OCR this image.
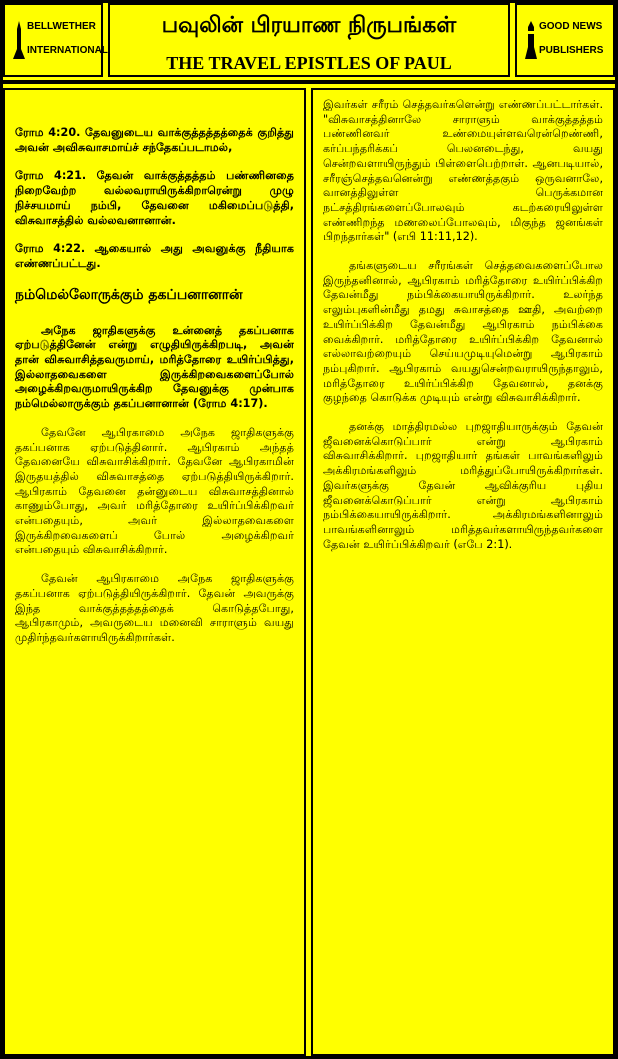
BELLWETHER
INTERNATIONAL
பவுலின் பிரயாண நிருபங்கள்
THE TRAVEL EPISTLES OF PAUL
GOOD NEWS
PUBLISHERS

ரோம 4:20. தேவனுடைய வாக்குத்தத்தத்தைக் குறித்து அவன் அவிசுவாசமாய்ச் சந்தேகப்படாமல்,

ரோம 4:21. தேவன் வாக்குத்தத்தம் பண்ணினதை நிறைவேற்ற வல்லவராயிருக்கிறாரென்று முழு நிச்சயமாய் நம்பி, தேவனை மகிமைப்படுத்தி, விசுவாசத்தில் வல்லவனானான்.

ரோம 4:22. ஆகையால் அது அவனுக்கு நீதியாக எண்ணப்பட்டது.

நம்மெல்லோருக்கும் தகப்பனானான்

அநேக ஜாதிகளுக்கு உன்னைத் தகப்பனாக ஏற்படுத்தினேன் என்று எழுதியிருக்கிறபடி, அவன் தான் விசுவாசித்தவருமாய், மரித்தோரை உயிர்ப்பித்து, இல்லாதவைகளை இருக்கிறவைகளைப்போல் அழைக்கிறவருமாயிருக்கிற தேவனுக்கு முன்பாக நம்மெல்லாருக்கும் தகப்பனானான் (ரோம 4:17).

தேவனே ஆபிரகாமை அநேக ஜாதிகளுக்கு தகப்பனாக ஏற்படுத்தினார். ஆபிரகாம் அந்தத் தேவனையே விசுவாசிக்கிறார். தேவனே ஆபிரகாமின் இருதயத்தில் விசுவாசத்தை ஏற்படுத்தியிருக்கிறார். ஆபிரகாம் தேவனை தன்னுடைய விசுவாசத்தினால் காணும்போது, அவர் மரித்தோரை உயிர்ப்பிக்கிறவர் என்பதையும், அவர் இல்லாதவைகளை இருக்கிறவைகளைப் போல் அழைக்கிறவர் என்பதையும் விசுவாசிக்கிறார்.

தேவன் ஆபிரகாமை அநேக ஜாதிகளுக்கு தகப்பனாக ஏற்படுத்தியிருக்கிறார். தேவன் அவருக்கு இந்த வாக்குத்தத்தத்தைக் கொடுத்தபோது, ஆபிரகாமும், அவருடைய மனைவி சாராளும் வயது முதிர்ந்தவர்களாயிருக்கிறார்கள்.

இவர்கள் சரீரம் செத்தவர்களென்று எண்ணப்பட்டார்கள். "விசுவாசத்தினாலே சாராளும் வாக்குத்தத்தம் பண்ணினவர் உண்மையுள்ளவரென்றெண்ணி, கர்ப்பந்தரிக்கப் பெலனடைந்து, வயது சென்றவளாயிருந்தும் பிள்ளைபெற்றாள். ஆனபடியால், சரீரஞ்செத்தவனென்று எண்ணத்தகும் ஒருவனாலே, வானத்திலுள்ள பெருக்கமான நட்சத்திரங்களைப்போலவும் கடற்கரையிலுள்ள எண்ணிறந்த மணலைப்போலவும், மிகுந்த ஜனங்கள் பிறந்தார்கள்" (எபி 11:11,12).

தங்களுடைய சரீரங்கள் செத்தவைகளைப்போல இருந்தனினால், ஆபிரகாம் மரித்தோரை உயிர்ப்பிக்கிற தேவன்மீது நம்பிக்கையாயிருக்கிறார். உலர்ந்த எலும்புகளின்மீது தமது சுவாசத்தை ஊதி, அவற்றை உயிர்ப்பிக்கிற தேவன்மீது ஆபிரகாம் நம்பிக்கை வைக்கிறார். மரித்தோரை உயிர்ப்பிக்கிற தேவனால் எல்லாவற்றையும் செய்யமுடியுமென்று ஆபிரகாம் நம்புகிறார். ஆபிரகாம் வயதுசென்றவராயிருந்தாலும், மரித்தோரை உயிர்ப்பிக்கிற தேவனால், தனக்கு குழந்தை கொடுக்க முடியும் என்று விசுவாசிக்கிறார்.

தனக்கு மாத்திரமல்ல புறஜாதியாருக்கும் தேவன் ஜீவனைக்கொடுப்பார் என்று ஆபிரகாம் விசுவாசிக்கிறார். புறஜாதியார் தங்கள் பாவங்களிலும் அக்கிரமங்களிலும் மரித்துப்போயிருக்கிறார்கள். இவர்களுக்கு தேவன் ஆவிக்குரிய புதிய ஜீவனைக்கொடுப்பார் என்று ஆபிரகாம் நம்பிக்கையாயிருக்கிறார். அக்கிரமங்களினாலும் பாவங்களினாலும் மரித்தவர்களாயிருந்தவர்களை தேவன் உயிர்ப்பிக்கிறவர் (எபே 2:1).
